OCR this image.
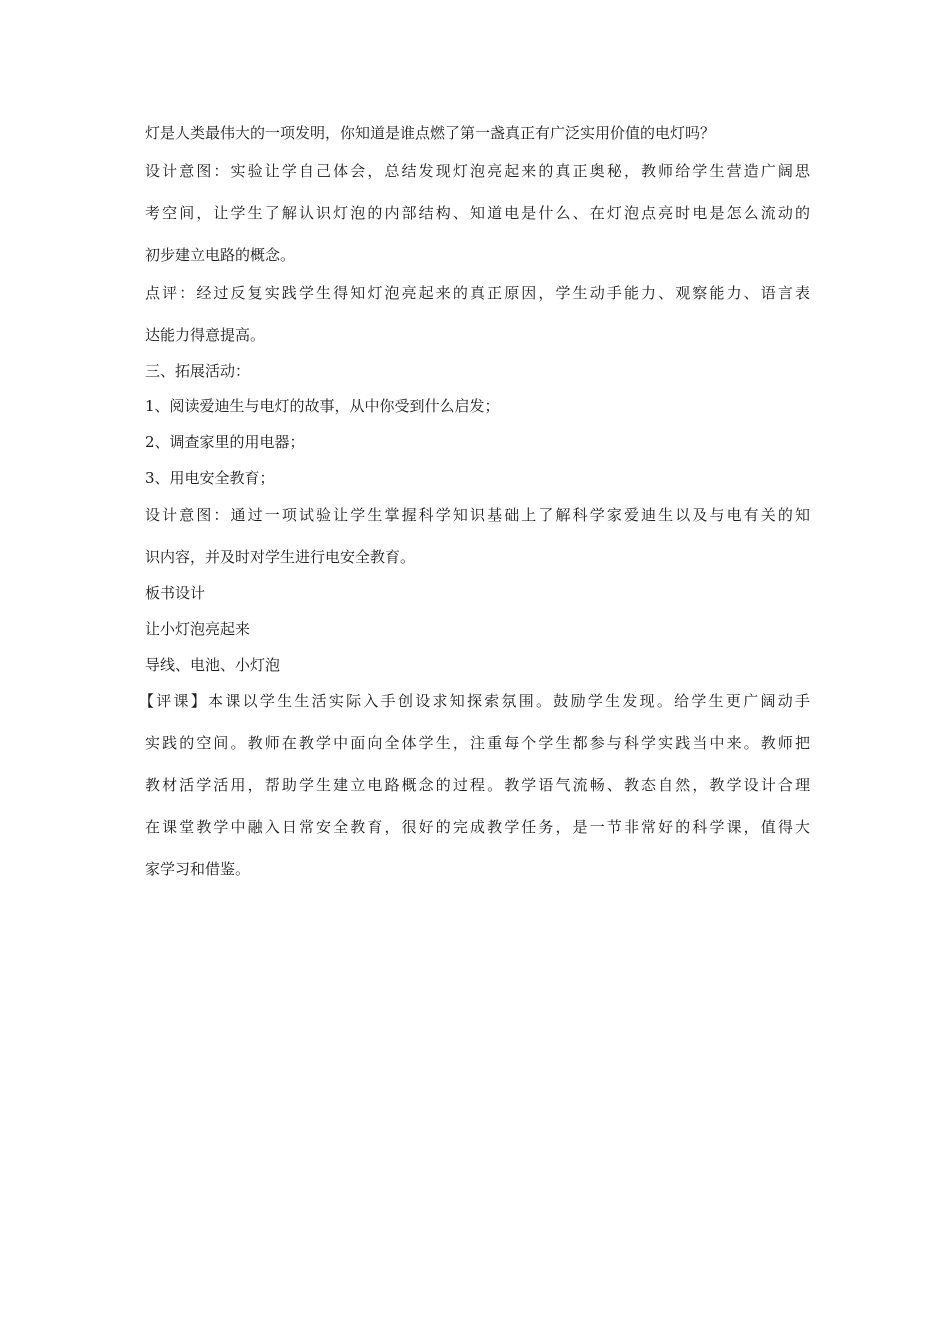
灯是人类最伟大的一项发明，你知道是谁点燃了第一盏真正有广泛实用价值的电灯吗？
设计意图：实验让学自己体会，总结发现灯泡亮起来的真正奥秘，教师给学生营造广阔思
考空间，让学生了解认识灯泡的内部结构、知道电是什么、在灯泡点亮时电是怎么流动的
初步建立电路的概念。
点评：经过反复实践学生得知灯泡亮起来的真正原因，学生动手能力、观察能力、语言表
达能力得意提高。
三、拓展活动：
1、阅读爱迪生与电灯的故事，从中你受到什么启发；
2、调查家里的用电器；
3、用电安全教育；
设计意图：通过一项试验让学生掌握科学知识基础上了解科学家爱迪生以及与电有关的知
识内容，并及时对学生进行电安全教育。
板书设计
让小灯泡亮起来
导线、电池、小灯泡
【评课】本课以学生生活实际入手创设求知探索氛围。鼓励学生发现。给学生更广阔动手
实践的空间。教师在教学中面向全体学生，注重每个学生都参与科学实践当中来。教师把
教材活学活用，帮助学生建立电路概念的过程。教学语气流畅、教态自然，教学设计合理
在课堂教学中融入日常安全教育，很好的完成教学任务，是一节非常好的科学课，值得大
家学习和借鉴。
